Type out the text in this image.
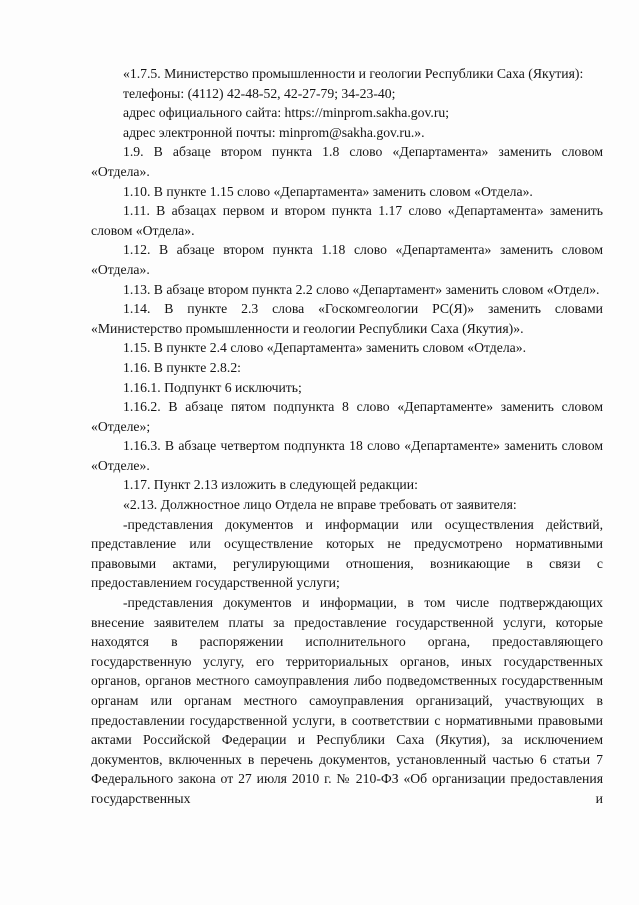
«1.7.5. Министерство промышленности и геологии Республики Саха (Якутия):

телефоны: (4112) 42-48-52, 42-27-79; 34-23-40;

адрес официального сайта: https://minprom.sakha.gov.ru;

адрес электронной почты: minprom@sakha.gov.ru.».

1.9. В абзаце втором пункта 1.8 слово «Департамента» заменить словом «Отдела».

1.10. В пункте 1.15 слово «Департамента» заменить словом «Отдела».

1.11. В абзацах первом и втором пункта 1.17 слово «Департамента» заменить словом «Отдела».

1.12. В абзаце втором пункта 1.18 слово «Департамента» заменить словом «Отдела».

1.13. В абзаце втором пункта 2.2 слово «Департамент» заменить словом «Отдел».

1.14. В пункте 2.3 слова «Госкомгеологии РС(Я)» заменить словами «Министерство промышленности и геологии Республики Саха (Якутия)».

1.15. В пункте 2.4 слово «Департамента» заменить словом «Отдела».

1.16. В пункте 2.8.2:

1.16.1. Подпункт 6 исключить;

1.16.2. В абзаце пятом подпункта 8 слово «Департаменте» заменить словом «Отделе»;

1.16.3. В абзаце четвертом подпункта 18 слово «Департаменте» заменить словом «Отделе».

1.17. Пункт 2.13 изложить в следующей редакции:

«2.13. Должностное лицо Отдела не вправе требовать от заявителя:

-представления документов и информации или осуществления действий, представление или осуществление которых не предусмотрено нормативными правовыми актами, регулирующими отношения, возникающие в связи с предоставлением государственной услуги;

-представления документов и информации, в том числе подтверждающих внесение заявителем платы за предоставление государственной услуги, которые находятся в распоряжении исполнительного органа, предоставляющего государственную услугу, его территориальных органов, иных государственных органов, органов местного самоуправления либо подведомственных государственным органам или органам местного самоуправления организаций, участвующих в предоставлении государственной услуги, в соответствии с нормативными правовыми актами Российской Федерации и Республики Саха (Якутия), за исключением документов, включенных в перечень документов, установленный частью 6 статьи 7 Федерального закона от 27 июля 2010 г. № 210-ФЗ «Об организации предоставления государственных и
